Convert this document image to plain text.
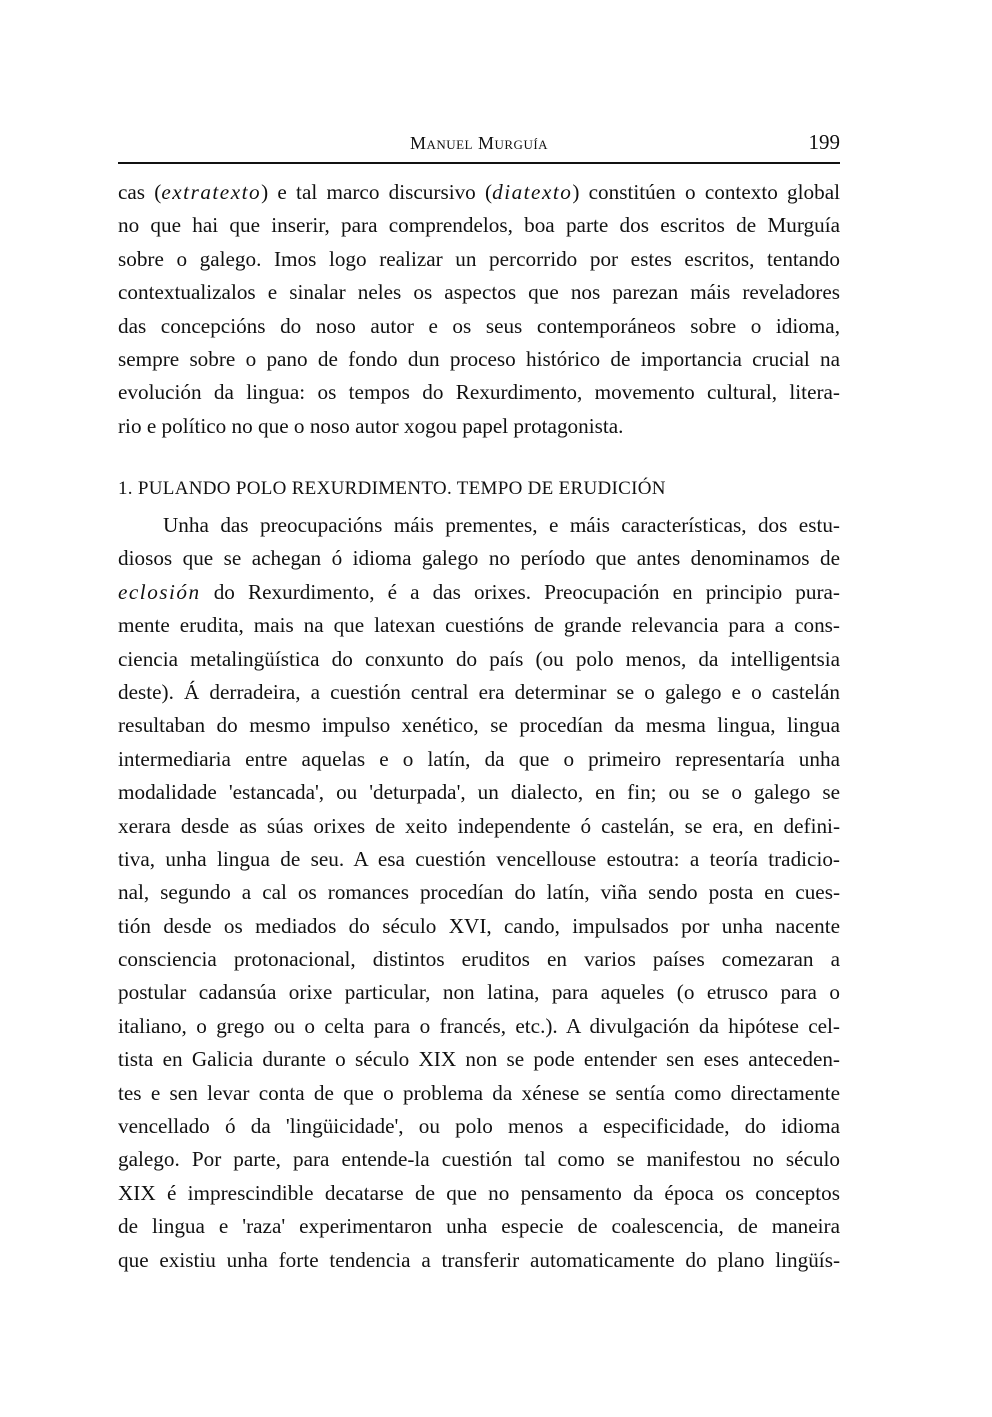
Manuel Murguía	199
cas (extratexto) e tal marco discursivo (diatexto) constitúen o contexto global
no que hai que inserir, para comprendelos, boa parte dos escritos de Murguía
sobre o galego. Imos logo realizar un percorrido por estes escritos, tentando
contextualizalos e sinalar neles os aspectos que nos parezan máis reveladores
das concepcións do noso autor e os seus contemporáneos sobre o idioma,
sempre sobre o pano de fondo dun proceso histórico de importancia crucial na
evolución da lingua: os tempos do Rexurdimento, movemento cultural, litera-
rio e político no que o noso autor xogou papel protagonista.
1. PULANDO POLO REXURDIMENTO. TEMPO DE ERUDICIÓN
Unha das preocupacións máis prementes, e máis características, dos estu-
diosos que se achegan ó idioma galego no período que antes denominamos de
eclosión do Rexurdimento, é a das orixes. Preocupación en principio pura-
mente erudita, mais na que latexan cuestións de grande relevancia para a cons-
ciencia metalingüística do conxunto do país (ou polo menos, da intelligentsia
deste). Á derradeira, a cuestión central era determinar se o galego e o castelán
resultaban do mesmo impulso xenético, se procedían da mesma lingua, lingua
intermediaria entre aquelas e o latín, da que o primeiro representaría unha
modalidade 'estancada', ou 'deturpada', un dialecto, en fin; ou se o galego se
xerara desde as súas orixes de xeito independente ó castelán, se era, en defini-
tiva, unha lingua de seu. A esa cuestión vencellouse estoutra: a teoría tradicio-
nal, segundo a cal os romances procedían do latín, viña sendo posta en cues-
tión desde os mediados do século XVI, cando, impulsados por unha nacente
consciencia protonacional, distintos eruditos en varios países comezaran a
postular cadansúa orixe particular, non latina, para aqueles (o etrusco para o
italiano, o grego ou o celta para o francés, etc.). A divulgación da hipótese cel-
tista en Galicia durante o século XIX non se pode entender sen eses anteceden-
tes e sen levar conta de que o problema da xénese se sentía como directamente
vencellado ó da 'lingüicidade', ou polo menos a especificidade, do idioma
galego. Por parte, para entende-la cuestión tal como se manifestou no século
XIX é imprescindible decatarse de que no pensamento da época os conceptos
de lingua e 'raza' experimentaron unha especie de coalescencia, de maneira
que existiu unha forte tendencia a transferir automaticamente do plano lingüís-
